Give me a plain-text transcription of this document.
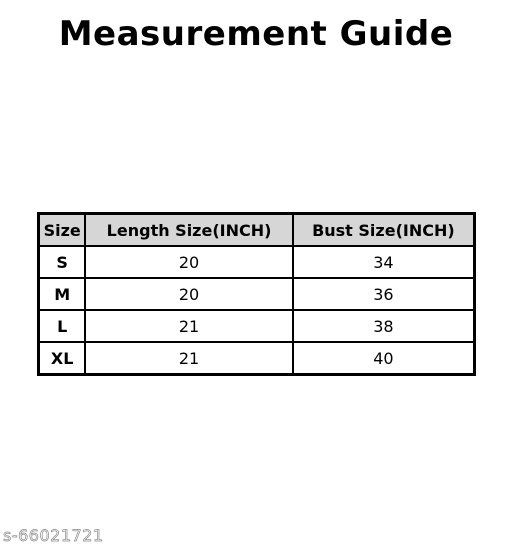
Measurement Guide
Size	Length Size(INCH)	Bust Size(INCH)
S	20	34
M	20	36
L	21	38
XL	21	40
s-66021721
